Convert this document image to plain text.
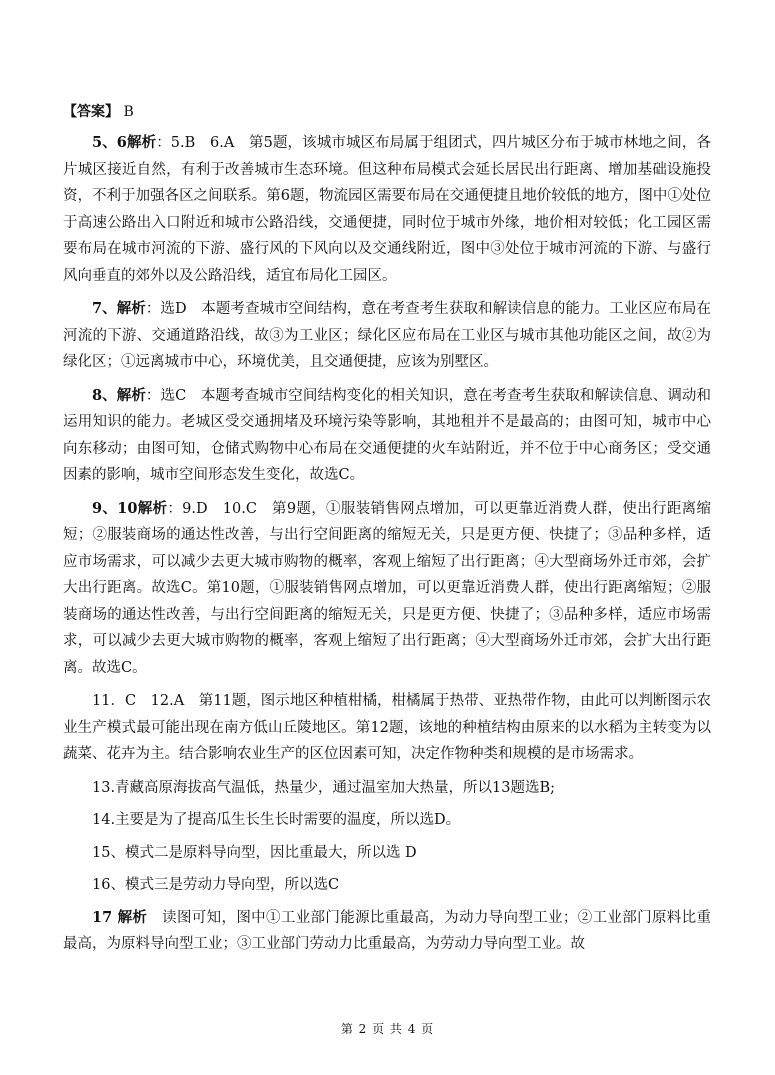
【答案】 B

5、6解析：5.B　6.A　第5题，该城市城区布局属于组团式，四片城区分布于城市林地之间，各片城区接近自然，有利于改善城市生态环境。但这种布局模式会延长居民出行距离、增加基础设施投资，不利于加强各区之间联系。第6题，物流园区需要布局在交通便捷且地价较低的地方，图中①处位于高速公路出入口附近和城市公路沿线，交通便捷，同时位于城市外缘，地价相对较低；化工园区需要布局在城市河流的下游、盛行风的下风向以及交通线附近，图中③处位于城市河流的下游、与盛行风向垂直的郊外以及公路沿线，适宜布局化工园区。

7、解析：选D　本题考查城市空间结构，意在考查考生获取和解读信息的能力。工业区应布局在河流的下游、交通道路沿线，故③为工业区；绿化区应布局在工业区与城市其他功能区之间，故②为绿化区；①远离城市中心，环境优美，且交通便捷，应该为别墅区。

8、解析：选C　本题考查城市空间结构变化的相关知识，意在考查考生获取和解读信息、调动和运用知识的能力。老城区受交通拥堵及环境污染等影响，其地租并不是最高的；由图可知，城市中心向东移动；由图可知，仓储式购物中心布局在交通便捷的火车站附近，并不位于中心商务区；受交通因素的影响，城市空间形态发生变化，故选C。

9、10解析：9.D　10.C　第9题，①服装销售网点增加，可以更靠近消费人群，使出行距离缩短；②服装商场的通达性改善，与出行空间距离的缩短无关，只是更方便、快捷了；③品种多样，适应市场需求，可以减少去更大城市购物的概率，客观上缩短了出行距离；④大型商场外迁市郊，会扩大出行距离。故选C。第10题，①服装销售网点增加，可以更靠近消费人群，使出行距离缩短；②服装商场的通达性改善，与出行空间距离的缩短无关，只是更方便、快捷了；③品种多样，适应市场需求，可以减少去更大城市购物的概率，客观上缩短了出行距离；④大型商场外迁市郊，会扩大出行距离。故选C。

11．C　12.A　第11题，图示地区种植柑橘，柑橘属于热带、亚热带作物，由此可以判断图示农业生产模式最可能出现在南方低山丘陵地区。第12题，该地的种植结构由原来的以水稻为主转变为以蔬菜、花卉为主。结合影响农业生产的区位因素可知，决定作物种类和规模的是市场需求。

13.青藏高原海拔高气温低，热量少，通过温室加大热量，所以13题选B;

14.主要是为了提高瓜生长生长时需要的温度，所以选D。

15、模式二是原料导向型，因比重最大，所以选 D

16、模式三是劳动力导向型，所以选C

17 解析　读图可知，图中①工业部门能源比重最高，为动力导向型工业；②工业部门原料比重最高，为原料导向型工业；③工业部门劳动力比重最高，为劳动力导向型工业。故

第 2 页 共 4 页
